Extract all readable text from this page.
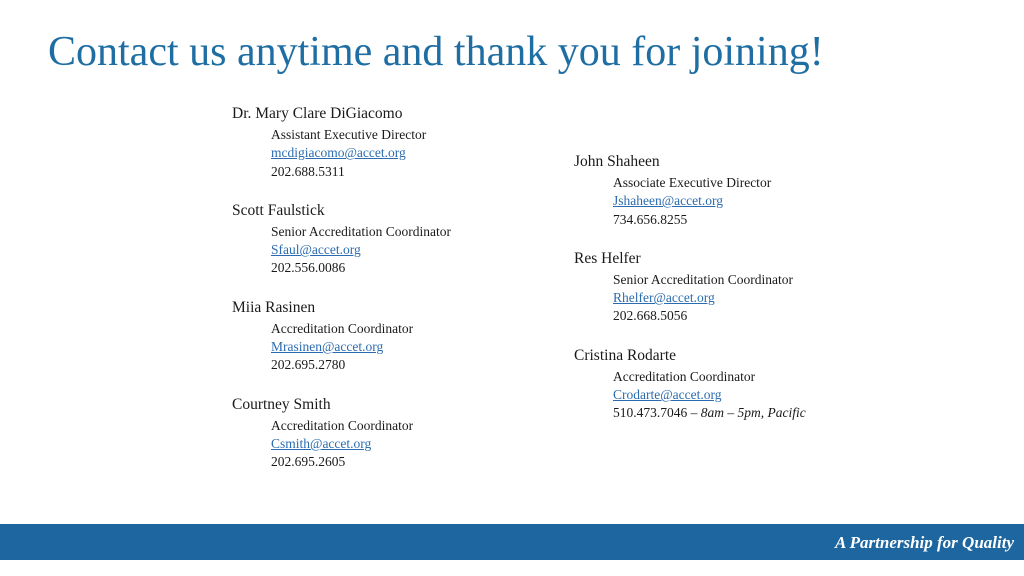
Contact us anytime and thank you for joining!
Dr. Mary Clare DiGiacomo
Assistant Executive Director
mcdigiacomo@accet.org
202.688.5311
Scott Faulstick
Senior Accreditation Coordinator
Sfaul@accet.org
202.556.0086
Miia Rasinen
Accreditation Coordinator
Mrasinen@accet.org
202.695.2780
Courtney Smith
Accreditation Coordinator
Csmith@accet.org
202.695.2605
John Shaheen
Associate Executive Director
Jshaheen@accet.org
734.656.8255
Res Helfer
Senior Accreditation Coordinator
Rhelfer@accet.org
202.668.5056
Cristina Rodarte
Accreditation Coordinator
Crodarte@accet.org
510.473.7046 – 8am – 5pm, Pacific
A Partnership for Quality
